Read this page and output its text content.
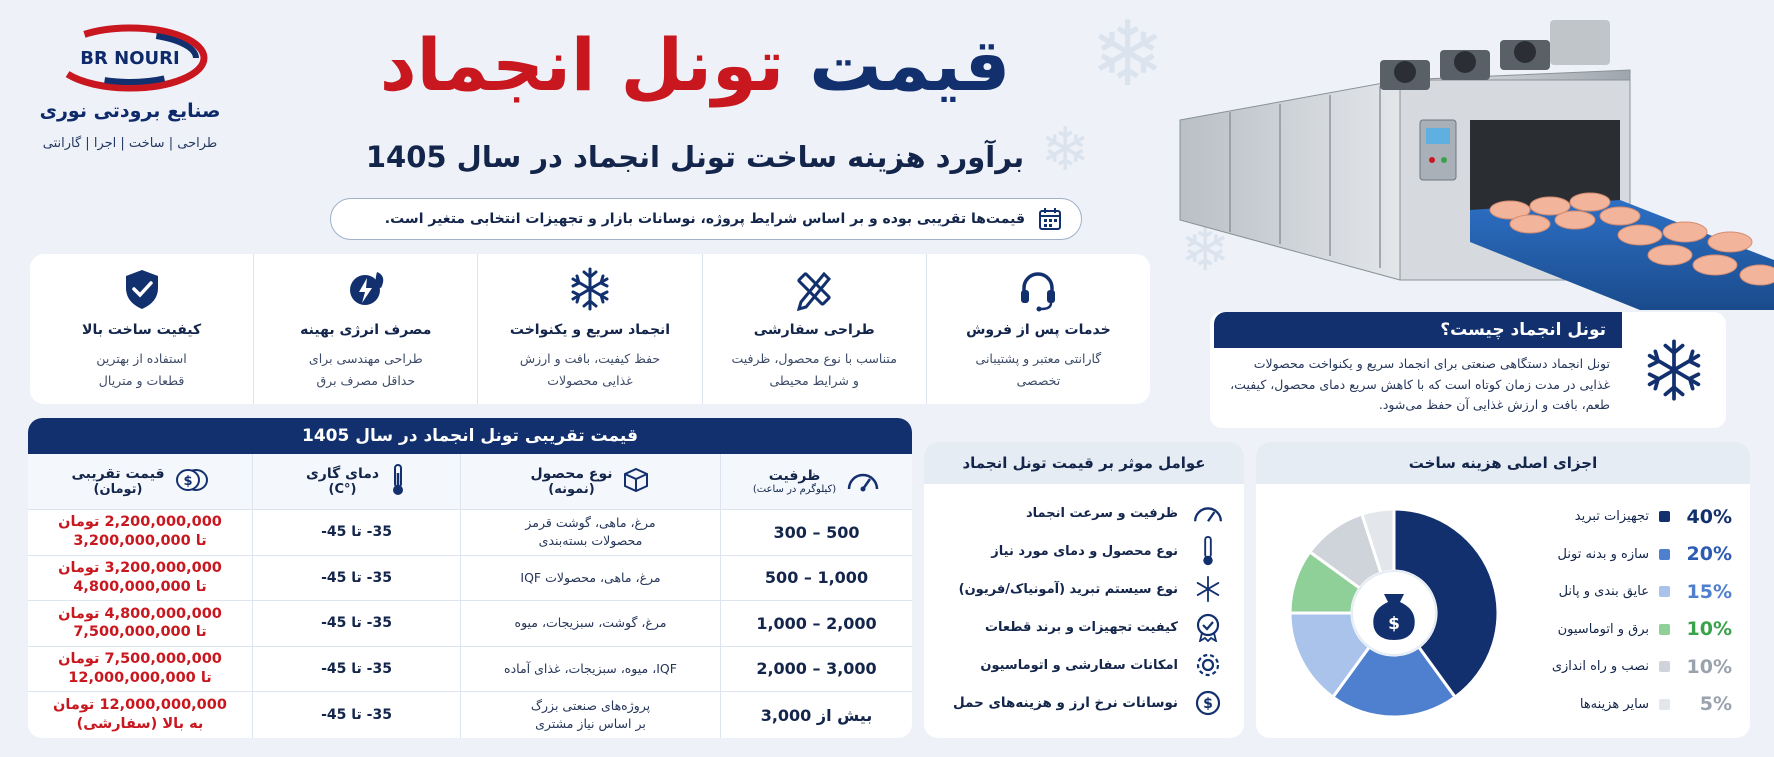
❄
❄
❄
BR NOURI
صنایع برودتی نوری
طراحی | ساخت | اجرا | گارانتی
قیمت تونل انجماد
برآورد هزینه ساخت تونل انجماد در سال 1405
قیمت‌ها تقریبی بوده و بر اساس شرایط پروژه، نوسانات بازار و تجهیزات انتخابی متغیر است.
خدمات پس از فروش
گارانتی معتبر و پشتیبانی
تخصصی
طراحی سفارشی
متناسب با نوع محصول، ظرفیت
و شرایط محیطی
انجماد سریع و یکنواخت
حفظ کیفیت، بافت و ارزش
غذایی محصولات
مصرف انرژی بهینه
طراحی مهندسی برای
حداقل مصرف برق
کیفیت ساخت بالا
استفاده از بهترین
قطعات و متریال
تونل انجماد چیست؟
تونل انجماد دستگاهی صنعتی برای انجماد سریع و یکنواخت محصولات غذایی در مدت زمان کوتاه است که با کاهش سریع دمای محصول، کیفیت، طعم، بافت و ارزش غذایی آن حفظ می‌شود.
قیمت تقریبی تونل انجماد در سال 1405
ظرفیت
(کیلوگرم در ساعت)
نوع محصول
(نمونه)
دمای گاری
(°C)
$
قیمت تقریبی
(تومان)
300 – 500
مرغ، ماهی، گوشت قرمز
محصولات بسته‌بندی
35- تا 45-
2,200,000,000 تومان
تا 3,200,000,000
500 – 1,000
مرغ، ماهی، محصولات IQF
35- تا 45-
3,200,000,000 تومان
تا 4,800,000,000
1,000 – 2,000
مرغ، گوشت، سبزیجات، میوه
35- تا 45-
4,800,000,000 تومان
تا 7,500,000,000
2,000 – 3,000
IQF، میوه، سبزیجات، غذای آماده
35- تا 45-
7,500,000,000 تومان
تا 12,000,000,000
بیش از 3,000
پروژه‌های صنعتی بزرگ
بر اساس نیاز مشتری
35- تا 45-
12,000,000,000 تومان
به بالا (سفارشی)
عوامل موثر بر قیمت تونل انجماد
ظرفیت و سرعت انجماد
نوع محصول و دمای مورد نیاز
نوع سیستم تبرید (آمونیاک/فریون)
کیفیت تجهیزات و برند قطعات
امکانات سفارشی و اتوماسیون
$
نوسانات نرخ ارز و هزینه‌های حمل
اجزای اصلی هزینه ساخت
40%
تجهیزات تبرید
20%
سازه و بدنه تونل
15%
عایق بندی و پانل
10%
برق و اتوماسیون
10%
نصب و راه اندازی
5%
سایر هزینه‌ها
$
